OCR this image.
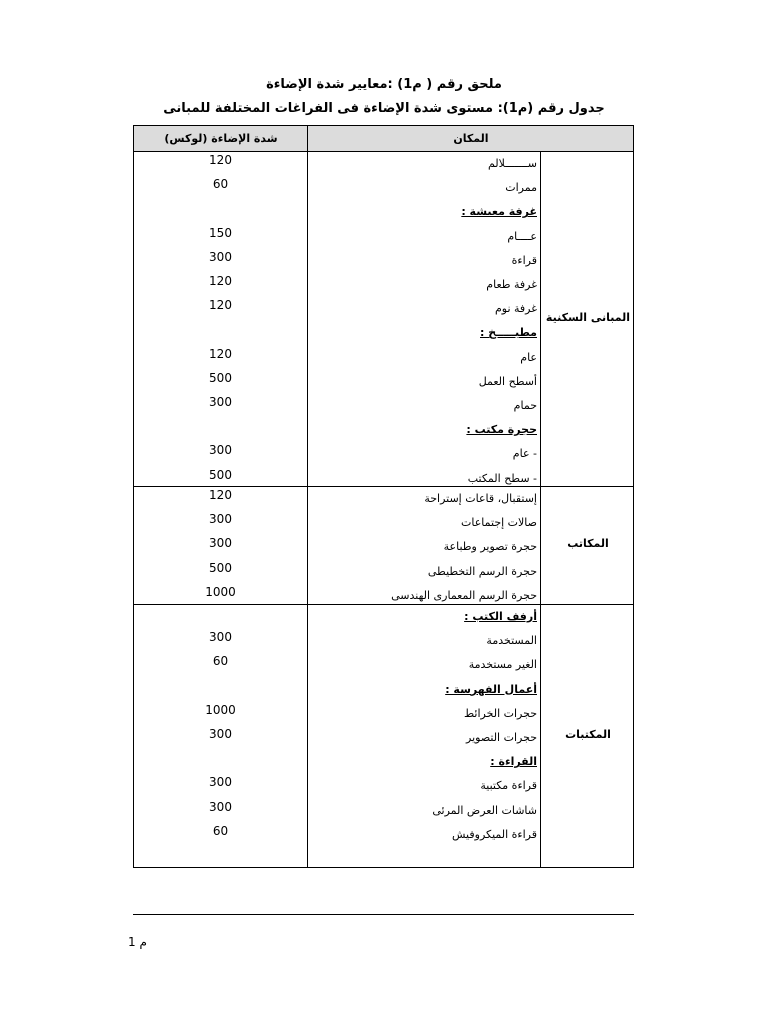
ملحق رقم ( م1) :معايير شدة الإضاءة
جدول رقم (م1): مستوى شدة الإضاءة فى الفراغات المختلفة للمبانى
المكان
شدة الإضاءة (لوكس)
المبانى السكنية
ســـــــلالم
120
ممرات
60
غرفة معيشة :
عــــام
150
قراءة
300
غرفة طعام
120
غرفة نوم
120
مطبـــــخ :
عام
120
أسطح العمل
500
حمام
300
حجرة مكتب :
- عام
300
- سطح المكتب
500
المكاتب
إستقبال، قاعات إستراحة
120
صالات إجتماعات
300
حجرة تصوير وطباعة
300
حجرة الرسم التخطيطى
500
حجرة الرسم المعمارى الهندسى
1000
المكتبات
أرفف الكتب :
المستخدمة
300
الغير مستخدمة
60
أعمال الفهرسة :
حجرات الخرائط
1000
حجرات التصوير
300
القراءة :
قراءة مكتبية
300
شاشات العرض المرئى
300
قراءة الميكروفيش
60
م 1
